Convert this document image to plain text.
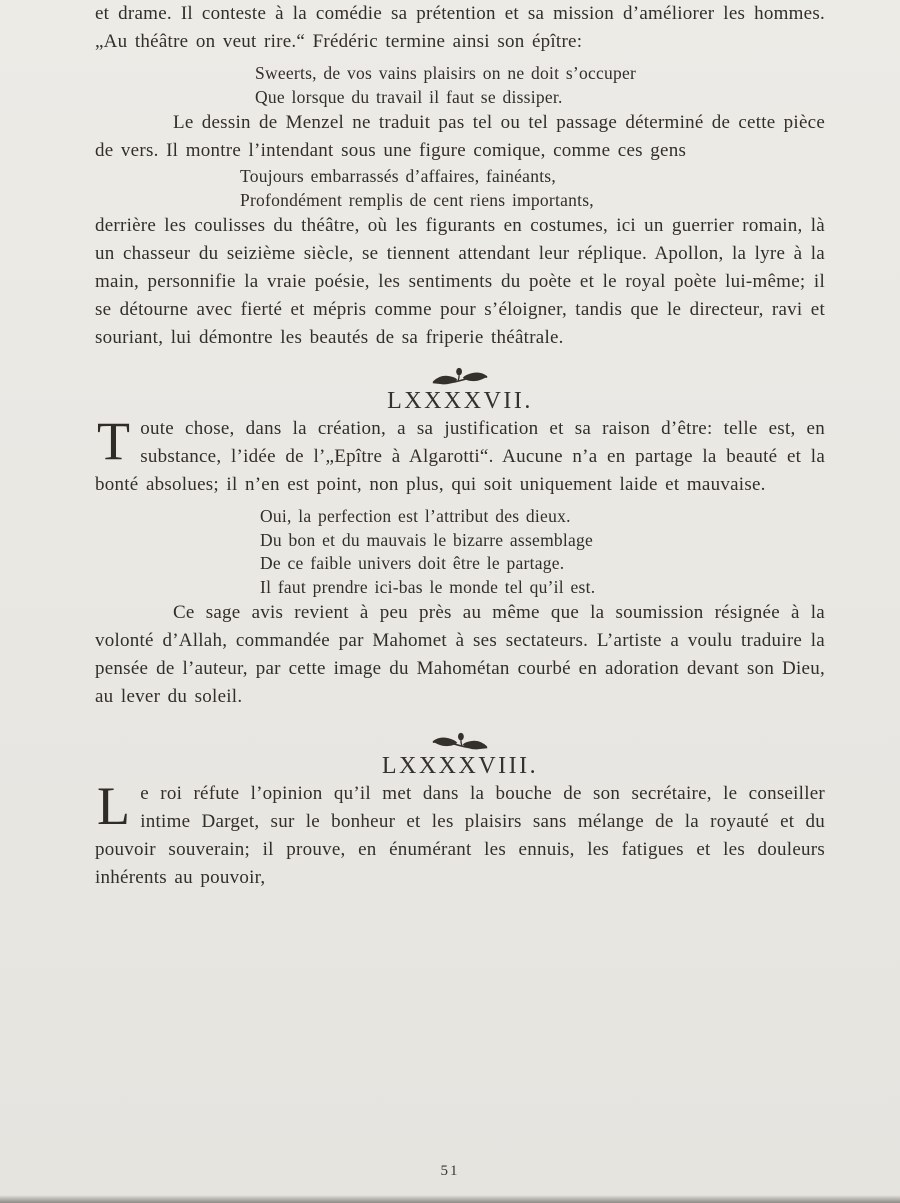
et drame. Il conteste à la comédie sa prétention et sa mission d’améliorer les hommes. „Au théâtre on veut rire.“ Frédéric termine ainsi son épître:

Sweerts, de vos vains plaisirs on ne doit s’occuper
Que lorsque du travail il faut se dissiper.

Le dessin de Menzel ne traduit pas tel ou tel passage déterminé de cette pièce de vers. Il montre l’intendant sous une figure comique, comme ces gens

Toujours embarrassés d’affaires, fainéants,
Profondément remplis de cent riens importants,

derrière les coulisses du théâtre, où les figurants en costumes, ici un guerrier romain, là un chasseur du seizième siècle, se tiennent attendant leur réplique. Apollon, la lyre à la main, personnifie la vraie poésie, les sentiments du poète et le royal poète lui-même; il se détourne avec fierté et mépris comme pour s’éloigner, tandis que le directeur, ravi et souriant, lui démontre les beautés de sa friperie théâtrale.

LXXXXVII.

Toute chose, dans la création, a sa justification et sa raison d’être: telle est, en substance, l’idée de l’„Epître à Algarotti“. Aucune n’a en partage la beauté et la bonté absolues; il n’en est point, non plus, qui soit uniquement laide et mauvaise.

Oui, la perfection est l’attribut des dieux.
Du bon et du mauvais le bizarre assemblage
De ce faible univers doit être le partage.
Il faut prendre ici-bas le monde tel qu’il est.

Ce sage avis revient à peu près au même que la soumission résignée à la volonté d’Allah, commandée par Mahomet à ses sectateurs. L’artiste a voulu traduire la pensée de l’auteur, par cette image du Mahométan courbé en adoration devant son Dieu, au lever du soleil.

LXXXXVIII.

Le roi réfute l’opinion qu’il met dans la bouche de son secrétaire, le conseiller intime Darget, sur le bonheur et les plaisirs sans mélange de la royauté et du pouvoir souverain; il prouve, en énumérant les ennuis, les fatigues et les douleurs inhérents au pouvoir,

51
